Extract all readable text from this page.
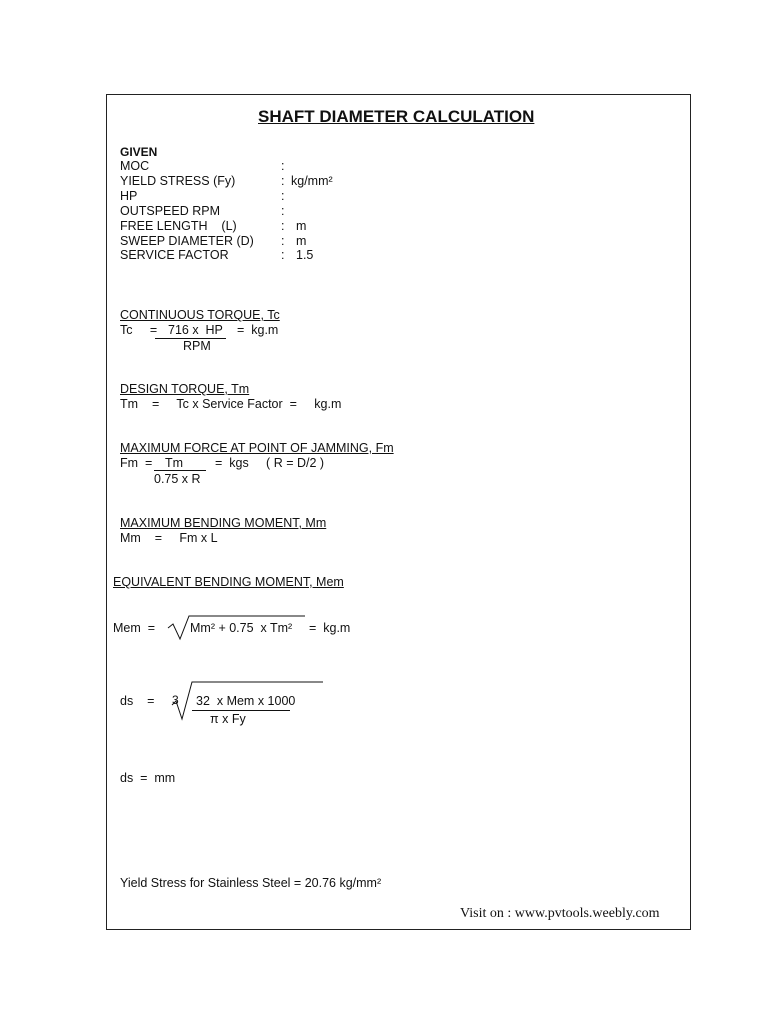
SHAFT DIAMETER CALCULATION
GIVEN
MOC	:
YIELD STRESS (Fy)	: kg/mm²
HP	:
OUTSPEED RPM	:
FREE LENGTH    (L)	: m
SWEEP DIAMETER (D) : m
SERVICE FACTOR	: 1.5
CONTINUOUS TORQUE, Tc
Tc     = 716 x  HP =  kg.m
RPM
DESIGN TORQUE, Tm
Tm    =     Tc x Service Factor  =     kg.m
MAXIMUM FORCE AT POINT OF JAMMING, Fm
Fm  = Tm	=  kgs     ( R = D/2 )
0.75 x R
MAXIMUM BENDING MOMENT, Mm
Mm    =     Fm x L
EQUIVALENT BENDING MOMENT, Mem
Mem  =	Mm² + 0.75  x Tm² =  kg.m
ds    = 3 32  x Mem x 1000
π x Fy
ds  =  mm
Yield Stress for Stainless Steel = 20.76 kg/mm²
Visit on : www.pvtools.weebly.com
